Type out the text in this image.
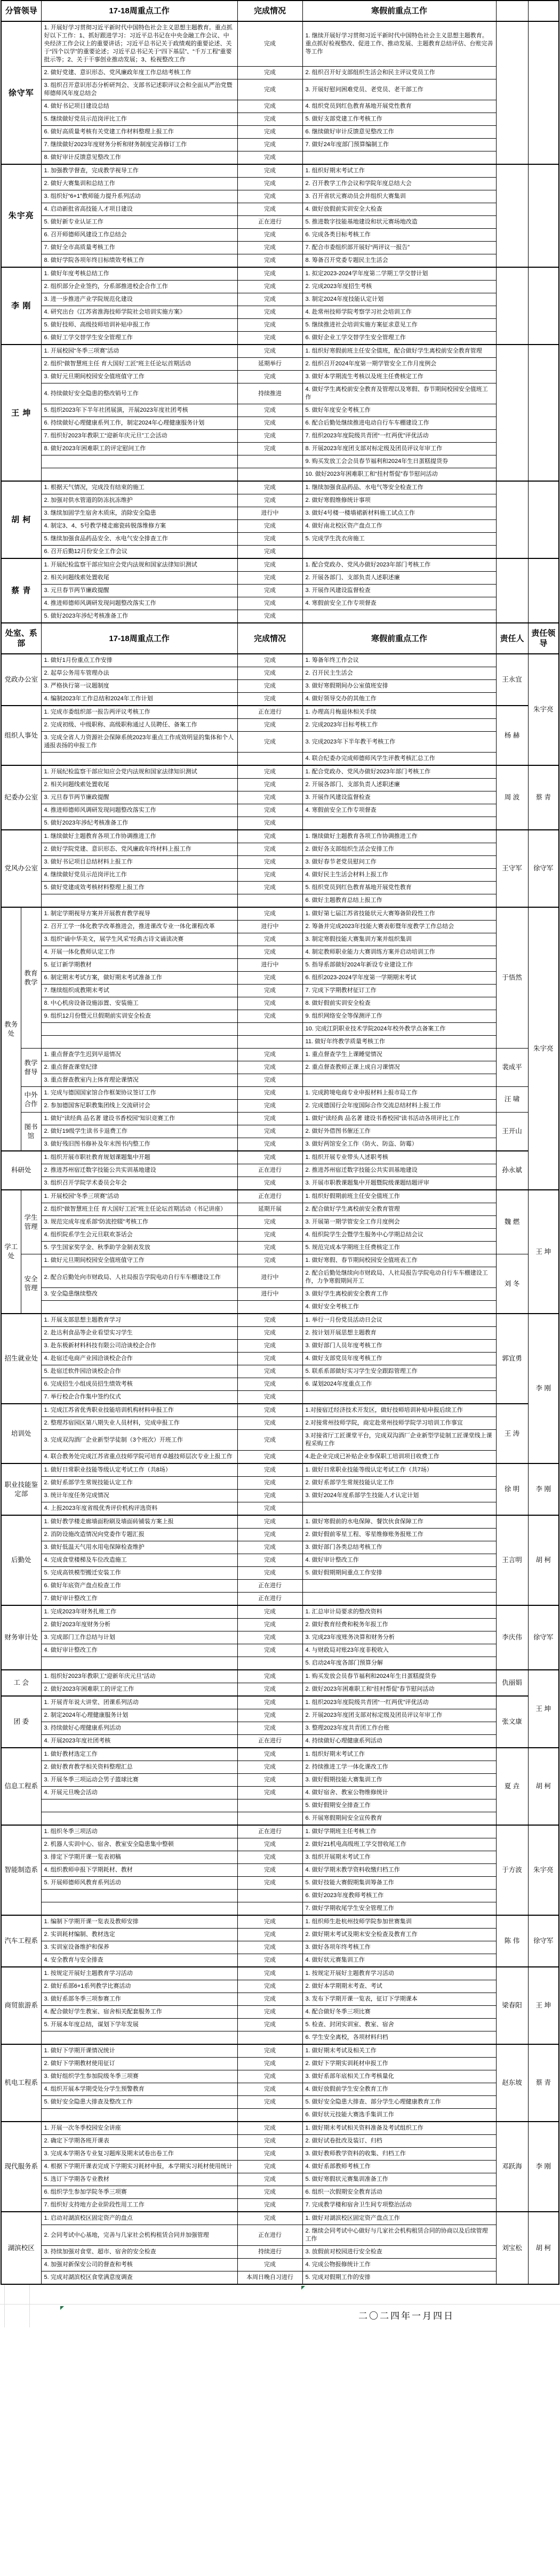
分管领导		17-18周重点工作	完成情况	寒假前重点工作		
徐守军		1. 开展好学习贯彻习近平新时代中国特色社会主义思想主题教育。重点抓好以下工作：1、抓好跟进学习：习近平总书记在中央金融工作会议、中央经济工作会议上的重要讲话；习近平总书记关于政绩观的重要论述、关于“四个以学”的重要论述；习近平总书记关于“四下基层”、“千万工程”重要批示等；2、关于干事创业推动发展；3、检视整改工作	完成	1. 继续开展好学习贯彻习近平新时代中国特色社会主义思想主题教育。重点抓好检视整改、促进工作、推动发展、主题教育总结评估、台账完善等工作		
		2. 做好党建、意识形态、党风廉政年度工作总结考核工作	完成	2. 组织召开好支部组织生活会和民主评议党员工作		
		3. 组织召开意识形态分析研判会、支部书记述职评议会和全面从严治党暨师德师风年度总结会	完成	3. 开展好慰问困难党员、老党员、老干部工作		
		4. 做好书记项目建设总结	完成	4. 组织党员到红色教育基地开展党性教育		
		5. 继续做好党员示范岗评比工作	完成	5. 做好支部党建工作考核工作		
		6. 做好高质量考核有关党建工作材料整理上报工作	完成	6. 继续做好审计反馈意见整改工作		
		7. 继续做好2023年度财务分析和财务制度完善修订工作	完成	7. 做好24年度部门预算编制工作		
		8. 做好审计反馈意见整改工作	完成			
朱宇亮		1. 加强教学督查，完成教学视导工作	完成	1. 组织好期末考试工作		
		2. 做好大赛集训和总结工作	完成	2. 召开教学工作会议和学院年度总结大会		
		3. 组织好“6+1”教师能力提升系列活动	完成	3. 召开省状元赛动员会并组织大赛集训		
		4. 启动新批省高技能人才项目建设	完成	4. 做好放假前实训安全大检查		
		5. 做好新专业认证工作	正在进行	5. 推进数字技能基地建设和状元赛场地改造		
		6. 召开师德师风建设工作总结会	完成	6. 完成各类目标考核工作		
		7. 做好全市高质量考核工作	完成	7. 配合市委组织部开展好“两评议一报告”		
		8. 做好学院各项年终目标绩效考核工作	完成	8. 筹备召开党委专题民主生活会		
李 刚		1. 做好年度考核总结工作	完成	1. 拟定2023-2024学年度第二学期工学交替计划		
		2. 组织部分企业签约，分系部推进校企合作工作	完成	2. 完成2023年度招生考核		
		3. 进一步推进产业学院规范化建设	完成	3. 制定2024年度技能认定计划		
		4. 研究出台《江苏省淮海技师学院社会培训实施方案》	完成	4. 赴常州技师学院考察学习社会培训工作		
		5. 做好技师、高级技师培训补贴申报工作	完成	5. 继续推进社会培训实施方案征求意见工作		
		6. 做好工学交替学生安全管理工作	完成	6. 做好企业工学交替学生安全管理工作		
王 坤		1. 开展校园“冬季三项赛”活动	完成	1. 组织好寒假前班主任安全值班，配合做好学生离校前安全教育管理		
		2. 组织“做智慧班主任 育大国好工匠”班主任论坛首期活动	延期举行	2. 组织召开2024年度第一期学管安全工作月度例会		
		3. 做好元旦期间校园安全值班值守工作	完成	3. 做好本学期流生考核以及班主任费核定工作		
		4. 持续做好安全隐患的整改销号工作	持续推进	4. 做好学生离校前安全教育及管理以及寒假、春节期间校园安全值班工作		
		5. 组织2023年下半年社团展演，开展2023年度社团考核	完成	5. 做好年度安全考核工作		
		6. 持续做好心理健康系列工作，制定2024年心理健康服务计划	完成	6. 配合后勤处继续推进电动自行车车棚建设工作		
		7. 组织好2023年教职工“迎新年庆元旦”工会活动	完成	7. 组织2023年度院级共青团“一红两优”评优活动		
		8. 做好2023年困难职工的评定慰问工作	完成	8. 开展2023年度团支部对标定级及团员评议年审工作		
				9. 购买发放工会会员春节福利和2024年生日蛋糕提货券		
				10. 做好2023年困难职工和“挂村帮促”春节慰问活动		
胡 柯		1. 根据天气情况，完成没有结束的施工	完成	1. 继续加强食品药品、水电气等安全检查工作		
		2. 加强对供水管道的防冻抗冻维护	完成	2. 做好寒假维修统计事项		
		3. 继续加固学生宿舍木质床，消除安全隐患	进行中	3. 做好4号楼一楼墙裙新材料施工试点工作		
		4. 制定3、4、5号教学楼走廊瓷砖脱落维修方案	完成	4. 做好南北校区资产盘点工作		
		5. 继续加强食品药品安全、水电气安全排查工作	完成	5. 完成学生洗衣房施工		
		6. 召开后勤12月份安全工作会议	完成			
蔡 青		1. 开展纪检监察干部应知应会党内法规和国家法律知识测试	完成	1. 配合党政办、党风办做好2023年部门考核工作		
		2. 相关问题线索处置收尾	完成	2. 开展各部门、支部负责人述职述廉		
		3. 元旦春节两节廉政提醒	完成	3. 开展作风建设监督检查		
		4. 推进师德师风调研发现问题整改落实工作	完成	4. 寒假前安全工作专项督查		
		5. 做好2023年涉纪考核准备工作	完成			
处室、系部		17-18周重点工作	完成情况	寒假前重点工作	责任人	责任领导
党政办公室		1. 做好1月份重点工作安排	完成	1. 筹备年终工作会议	王永宜	朱宇亮
		2. 起草公务用车管理办法	完成	2. 召开民主生活会		
		3. 严格执行第一议题制度	完成	3. 做好寒假期间办公室值班安排		
		4. 编制2023年工作总结和2024年工作计划	完成	4. 做好领导交办的其他工作		
组织人事处		1. 完成市委组织部一报告两评议考核工作	正在进行	1. 办理高月梅退休相关手续	杨 赫	
		2. 完成初级、中级职称、高级职称通过人员聘任、备案工作	完成	2. 完成2023年目标考核工作		
		3. 完成全省人力资源社会保障系统2023年重点工作成效明显的集体和个人通报表扬的申报工作	完成	3. 完成2023年下半年教干考核工作		
				4. 联合纪委办完成师德师风学生评教考核汇总工作		
纪委办公室		1. 开展纪检监察干部应知应会党内法规和国家法律知识测试	完成	1. 配合党政办、党风办做好2023年部门考核工作	周 波	蔡 青
		2. 相关问题线索处置收尾	完成	2. 开展各部门、支部负责人述职述廉		
		3. 元旦春节两节廉政提醒	完成	3. 开展作风建设监督检查		
		4. 推进师德师风调研发现问题整改落实工作	完成	4. 寒假前安全工作专项督查		
		5. 做好2023年涉纪考核准备工作	完成			
党风办公室		1. 继续做好主题教育各项工作协调推进工作	完成	1. 继续做好主题教育各项工作协调推进工作	王守军	徐守军
		2. 做好学院党建、意识形态、党风廉政年终材料上报工作	完成	2. 做好各支部组织生活会安排工作		
		3. 做好书记项目总结材料上报工作	完成	3. 做好春节老党员慰问工作		
		4. 继续做好党员示范岗评比工作	完成	4. 做好民主生活会材料上报工作		
		5. 做好党建成效考核材料整理上报工作	完成	5. 组织党员到红色教育基地开展党性教育		
				6. 做好主题教育总结上报工作		
教务处	教育教学	1. 制定学期视导方案并开展教育教学视导	完成	1. 做好第七届江苏省技能状元大赛筹备阶段性工作	于悟然	朱宇亮
		2. 召开工学一体化教学改革推进会，推进课改专业一体化课程改革	进行中	2. 筹备并完成2023年技能大赛表彰暨年度教学工作总结会		
		3. 组织“诵中华美文，展学生风采”经典古诗文诵读决赛	完成	3. 制定寒假技能大赛集训方案并组织集训		
		4. 开展一体化教师认定工作	完成	4. 制定教师职业能力大赛训练方案并启动培训工作		
		5. 征订新学期教材	进行中	5. 指导系部做好2024年新设专业建设工作		
		6. 制定期末考试方案，做好期末考试准备工作	完成	6. 组织2023-2024学年度第一学期期末考试		
		7. 继续组织成教期末考试	完成	7. 完成下学期教材征订工作		
		8. 中心机房设备设施添置、安装施工	完成	8. 做好假前实训安全检查		
		9. 组织12月份暨元旦假期前实训安全检查	完成	9. 组织网络安全等保测评工作		
				10. 完成江阴职业技术学院2024年校外教学点备案工作		
				11. 做好年终教学质量考核工作		
	教学督导	1. 重点督查学生迟到早退情况	完成	1. 重点督查学生上课睡觉情况	裴成平	
		2. 重点督查课堂纪律	完成	2. 重点督查教师正课上成自习课情况		
		3. 重点督查教室内上体育理论课情况	完成			
	中外合作	1. 完成与德国国家馆合作框架协议签订工作	完成	1. 完成跨境电商专业申报材料上报市局工作	汪 啸	
		2. 参加德国客尼职教集团线上交流研讨会	完成	2. 完成德国行会年度国际合作交流总结材料上报工作		
	图书馆	1. 做好“读经典 品名著 建设书香校园”知识竞赛工作	完成	1. 做好“读经典 品名著 建设书香校园”读书活动各项评比工作	王开山	
		2. 做好19级学生读书卡退费工作	完成	2. 做好外借图书催还工作		
		3. 做好残旧图书修补及年末图书内整工作	完成	3. 做好两馆安全工作（防火、防盗、防霉）		
科研处		1. 组织开展市职社教育规划课题集中开题	完成	1. 组织开展专业带头人述职考核	孙永斌	
		2. 推进苏州宿迁数字技能公共实训基地建设	正在进行	2. 推进苏州宿迁数字技能公共实训基地建设		
		3. 组织召开学院学术委员会年会	完成	3. 开展市职教课题集中开题暨院级课题结题评审		
学工处	学生管理	1. 开展校园“冬季三项赛”活动	正在进行	1. 组织好假期前班主任安全值班工作	魏 燃	王 坤
		2. 组织“做智慧班主任 育大国好工匠”班主任论坛首期活动（书记讲座）	延期开展	2. 配合做好学生离校前安全教育管理		
		3. 规范完成年度系部“防流控辍”考核工作	完成	3. 开展第一期学管安全工作月度例会		
		4. 组织院系学生会元旦联欢茶话会	完成	4. 组织院学生会暨学生服务中心学期总结会议		
		5. 学生国家奖学金、秋季助学金制表发放	完成	5. 规范完成本学期班主任费核定工作		
	安全管理	1. 做好元旦期间校园安全值班值守工作	完成	1. 做好寒假、春节期间校园安全值班表工作	刘 冬	
		2. 配合后勤处向市财政局、人社局报告学院电动自行车车棚建设工作	进行中	2. 配合后勤处继续向市财政局、人社局报告学院电动自行车车棚建设工作，力争寒假期间开工		
		3. 安全隐患继续整改	进行中	3. 做好学生离校前安全教育工作		
				4. 做好安全考核工作		
招生就业处		1. 开展支部思想主题教育学习	完成	1. 举行一月份党员活动日会议	郭宜勇	李 刚
		2. 赴达利食品等企业看望实习学生	完成	2. 按计划开展思想主题教育		
		3. 赴东极新材料科技有限公司洽谈校企合作	完成	3. 做好部门人员年度考核工作		
		4. 赴宿迁电商产业园洽谈校企合作	完成	4. 做好支部党员年度考核工作		
		5. 赴宿迁软件园洽谈校企合作	完成	5. 联系系部做好实习学生安全跟踪管理工作		
		6. 完成招生小组成员招生绩效考核	完成	6. 谋划2024年度重点工作		
		7. 举行校企合作集中签约仪式	完成			
培训处		1. 完成江苏省优秀职业技能培训机构材料申报工作	完成	1.对接宿迁经济技术开发区，做好技师培训补贴申报后续工作	王 涛	
		2. 整理苏宿园区第八期失业人员材料，完成申报工作	完成	2.对接常州技师学院，商定赴常州技师学院学习培训工作事宜		
		3. 完成双沟酒厂企业新型学徒制（3个班次）开班工作	完成	3.对接省厅工匠课堂平台，完成双沟酒厂企业新型学徒制工匠课堂线上课程采购工作		
		4. 联合教务处完成江苏省重点技师学院可培育卓越技师层次专业上报工作	完成	4.赴企业完成已补贴企业参保职工培训项目收费工作		
职业技能鉴定部		1. 做好日常职业技能等级认定考试工作（共8场）	完成	1. 做好日常职业技能等级认定考试工作（共7场）	徐 明	李 刚
		2. 做好系部学生常规技能认定工作	完成	2. 做好系部学生常规技能认定工作		
		3. 统计年度任务完成情况	完成	3. 做好2024年度系部学生技能人才认定计划		
		4. 上报2023年度省级优秀评价机构评选资料	完成			
后勤处		1. 做好教学楼走廊墙面粉刷及墙面砖铺装方案上报	完成	1. 做好寒假前的水电保障、餐饮伙食保障工作	王言明	胡 柯
		2. 消防设施改造情况向党委作专题汇报	完成	2. 做好假前零星工程、零星维修账务报账工作		
		3. 做好低温天气用水用电保障检查维护	完成	3. 做好部门各类总结考核工作		
		4. 完成食堂楼梯及车位改造施工	完成	4. 做好审计整改工作		
		5. 完成高铁模型搬迁安装工作	完成	5. 做好假期期间重点工作安排		
		6. 做好年底资产盘点检查工作	正在进行			
		7. 做好审计整改工作	正在进行			
财务审计处		1. 完成2023年财务扎账工作	完成	1. 汇总审计局要求的整改资料	李庆伟	徐守军
		2. 做好2023年度财务分析	完成	2. 做好教育经费和税务年报工作		
		3. 完成部门工作总结与计划	完成	3. 完成23年度账务决算和财务分析		
		4. 做好审计整改工作	完成	4. 与财政局对账23年度非税收入		
				5. 启动24年度各部门预算分解		
工 会		1. 组织好2023年教职工“迎新年庆元旦”活动	完成	1. 购买发放会员春节福利和2024年生日蛋糕提货券	仇丽娟	王 坤
		2. 做好2023年困难职工的评定工作	完成	2. 做好2023年困难职工和“挂村帮促”春节慰问活动		
团 委		1. 开展青年说大讲堂、团课系列活动	完成	1. 组织2023年度院级共青团“一红两优”评优活动	张文康	
		2. 制定2024年心理健康服务计划	完成	2. 开展2023年度团支部对标定级及团员评议年审工作		
		3. 持续做好心理健康系列活动	完成	3. 整理2023年度共青团工作台账		
		4. 开展2023年度社团考核	正在进行	4. 持续做好心理健康系列活动		
信息工程系		1. 做好教材选定工作	完成	1. 组织好期末考试工作	夏 垚	胡 柯
		2. 做好教育教学相关资料整理汇总	完成	2. 持续推进工学一体化课改工作		
		3. 开展冬季三项运动会男子篮球比赛	完成	3. 做好假期技能大赛集训工作		
		4. 开展元旦晚会活动	完成	4. 做好宿舍、教室公物维修统计		
				5. 做好假期安全排查工作		
				6. 开展寒假期间安全宣传教育		
智能制造系		1. 组织冬季三项活动	正在进行	1. 做好学期班主任考核工作	于方波	朱宇亮
		2. 机器人实训中心、宿舍、教室安全隐患集中整顿	完成	2. 做好21机电高级班工学交替收尾工作		
		3. 排定下学期开课一览表初稿	完成	3. 组织开展期末考试工作		
		4. 组织教师申报下学期耗材、教材	完成	4. 做好学期末教学资料收缴归档工作		
		5. 开展师德师风教育系列活动	完成	5. 做好技能大赛假期集训筹备工作		
				6. 做好2023年度教师考核工作		
				7. 做好学期收尾学生安全管理工作		
汽车工程系		1. 编制下学期开课一览表及教师安排	完成	1. 组织师生赴杭州技师学院参加世赛集训	陈 伟	徐守军
		2. 实训耗材编制、教材选定	完成	2. 做好期末考试及期末安全检查及教育工作		
		3. 实训室设备维护和保养	完成	3. 做好各项年终考核工作		
		4. 安全教育与安全排查	完成	4. 做好状元赛集训工作		
商贸旅游系		1. 按规定开展好主题教育学习活动	完成	1. 按规定开展好主题教育学习活动	梁春阳	王 坤
		2. 做好系部6+1系列教学比赛活动	完成	2. 做好本学期期末考查、考试		
		3. 做好系部冬季三项参赛工作	完成	3. 发布下学期开课一览表，征订下学期课本		
		4. 配合做好学生教室、宿舍相关配套服务工作	完成	4. 配合做好冬季三项比赛		
		5. 开展本年度总结，谋划下学年发展	完成	5. 检查、封闭实训室、教室、宿舍		
				6. 学生安全离校，各项材料归档		
机电工程系		1. 做好下学期开课情况统计	完成	1. 做好期末考试及相关工作	赵东坡	蔡 青
		2. 做好下学期教材使用征订	完成	2. 做好下学期实训耗材申报工作		
		3. 做好组织学生参加院级冬季三项赛	完成	3. 做好系部年底相关工作考核量化		
		4. 组织开展本学期受处分学生预警教育	完成	4. 做好放假前学生安全教育工作		
		5. 做好安全隐患大排查及整改工作	完成	5. 做好安全隐患大排查、部分学生心理健康教育工作		
				6. 做好状元技能大赛选手集训工作		
现代服务系		1. 开展一次冬季校园安全讲座	完成	1. 做好期末考试相关资料准备及考试组织工作	邓跃海	李 刚
		2. 确定下学期各班开课表	完成	2. 做好试卷批改及装订、归档		
		3. 完成本学期各专业复习题库及期末试卷出卷工作	完成	3. 做好教师教学资料的收集、归档工作		
		4. 根据下学期开课表完成下学期实习耗材申报，本学期实习耗材使用统计	完成	4. 做好系部教师考核工作		
		5. 选订下学期各专业教材	完成	5. 做好寒假状元赛集训准备工作		
		6. 组织学生参加学院冬季三项赛	完成	6. 组织一次假期安全教育活动		
		7. 组织好支持地方企业阶段性用工工作	完成	7. 完成教学楼和宿舍卫生间专项整治活动		
湖滨校区		1. 启动对湖滨校区固定资产的盘点	完成	1. 做好对湖滨校区固定资产盘点工作	刘宝松	胡 柯
		2. 会同考试中心基地，完善与几家社会机构租赁合同并加强管理	正在进行	2. 继续会同考试中心做好与几家社会机构租赁合同的协商以及后续管理工作		
		3. 持续加强对食堂、超市、宿舍的安全检查	持续进行	3. 放假前对校园进行安全检查		
		4. 加强对新保安公司的督查和考核	完成	4. 完成公物报修统计工作		
		5. 完成对湖滨校区食堂满意度调查	本周日晚自习进行	5. 完成对假期工作的安排		
二〇二四年一月四日
